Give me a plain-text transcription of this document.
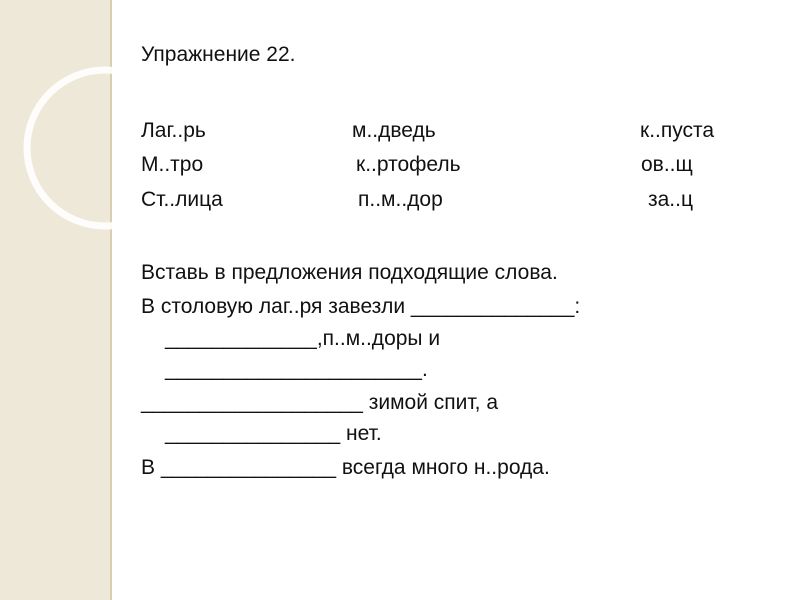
Упражнение 22.
Лаг..рь	м..дведь	к..пуста
М..тро	к..ртофель	ов..щ
Ст..лица	п..м..дор	за..ц
Вставь в предложения подходящие слова.
В столовую лаг..ря завезли ______________:
_____________,п..м..доры и
______________________.
___________________ зимой спит, а
_______________ нет.
В _______________ всегда много н..рода.
